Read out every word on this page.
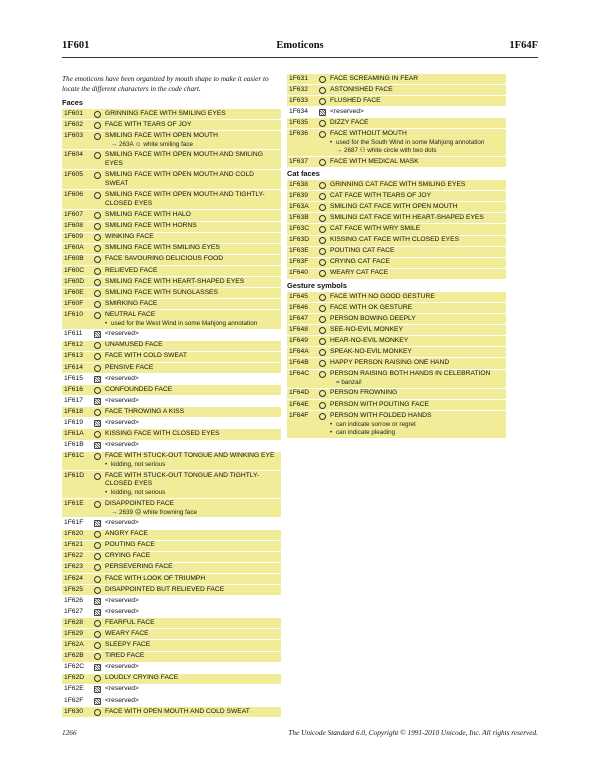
1F601	Emoticons	1F64F
The emoticons have been organized by mouth shape to make it easier to locate the different characters in the code chart.
Faces
1F601	GRINNING FACE WITH SMILING EYES
1F602	FACE WITH TEARS OF JOY
1F603	SMILING FACE WITH OPEN MOUTH
→ 263A ☺ white smiling face
1F604	SMILING FACE WITH OPEN MOUTH AND SMILING EYES
1F605	SMILING FACE WITH OPEN MOUTH AND COLD SWEAT
1F606	SMILING FACE WITH OPEN MOUTH AND TIGHTLY-CLOSED EYES
1F607	SMILING FACE WITH HALO
1F608	SMILING FACE WITH HORNS
1F609	WINKING FACE
1F60A	SMILING FACE WITH SMILING EYES
1F60B	FACE SAVOURING DELICIOUS FOOD
1F60C	RELIEVED FACE
1F60D	SMILING FACE WITH HEART-SHAPED EYES
1F60E	SMILING FACE WITH SUNGLASSES
1F60F	SMIRKING FACE
1F610	NEUTRAL FACE
• used for the West Wind in some Mahjong annotation
1F611	<reserved>
1F612	UNAMUSED FACE
1F613	FACE WITH COLD SWEAT
1F614	PENSIVE FACE
1F615	<reserved>
1F616	CONFOUNDED FACE
1F617	<reserved>
1F618	FACE THROWING A KISS
1F619	<reserved>
1F61A	KISSING FACE WITH CLOSED EYES
1F61B	<reserved>
1F61C	FACE WITH STUCK-OUT TONGUE AND WINKING EYE
• kidding, not serious
1F61D	FACE WITH STUCK-OUT TONGUE AND TIGHTLY-CLOSED EYES
• kidding, not serious
1F61E	DISAPPOINTED FACE
→ 2639 ☹ white frowning face
1F61F	<reserved>
1F620	ANGRY FACE
1F621	POUTING FACE
1F622	CRYING FACE
1F623	PERSEVERING FACE
1F624	FACE WITH LOOK OF TRIUMPH
1F625	DISAPPOINTED BUT RELIEVED FACE
1F626	<reserved>
1F627	<reserved>
1F628	FEARFUL FACE
1F629	WEARY FACE
1F62A	SLEEPY FACE
1F62B	TIRED FACE
1F62C	<reserved>
1F62D	LOUDLY CRYING FACE
1F62E	<reserved>
1F62F	<reserved>
1F630	FACE WITH OPEN MOUTH AND COLD SWEAT
1F631	FACE SCREAMING IN FEAR
1F632	ASTONISHED FACE
1F633	FLUSHED FACE
1F634	<reserved>
1F635	DIZZY FACE
1F636	FACE WITHOUT MOUTH
• used for the South Wind in some Mahjong annotation
→ 2687 ⚇ white circle with two dots
1F637	FACE WITH MEDICAL MASK
Cat faces
1F638	GRINNING CAT FACE WITH SMILING EYES
1F639	CAT FACE WITH TEARS OF JOY
1F63A	SMILING CAT FACE WITH OPEN MOUTH
1F63B	SMILING CAT FACE WITH HEART-SHAPED EYES
1F63C	CAT FACE WITH WRY SMILE
1F63D	KISSING CAT FACE WITH CLOSED EYES
1F63E	POUTING CAT FACE
1F63F	CRYING CAT FACE
1F640	WEARY CAT FACE
Gesture symbols
1F645	FACE WITH NO GOOD GESTURE
1F646	FACE WITH OK GESTURE
1F647	PERSON BOWING DEEPLY
1F648	SEE-NO-EVIL MONKEY
1F649	HEAR-NO-EVIL MONKEY
1F64A	SPEAK-NO-EVIL MONKEY
1F64B	HAPPY PERSON RAISING ONE HAND
1F64C	PERSON RAISING BOTH HANDS IN CELEBRATION
= banzai!
1F64D	PERSON FROWNING
1F64E	PERSON WITH POUTING FACE
1F64F	PERSON WITH FOLDED HANDS
• can indicate sorrow or regret
• can indicate pleading
1266	The Unicode Standard 6.0, Copyright © 1991-2010 Unicode, Inc. All rights reserved.
